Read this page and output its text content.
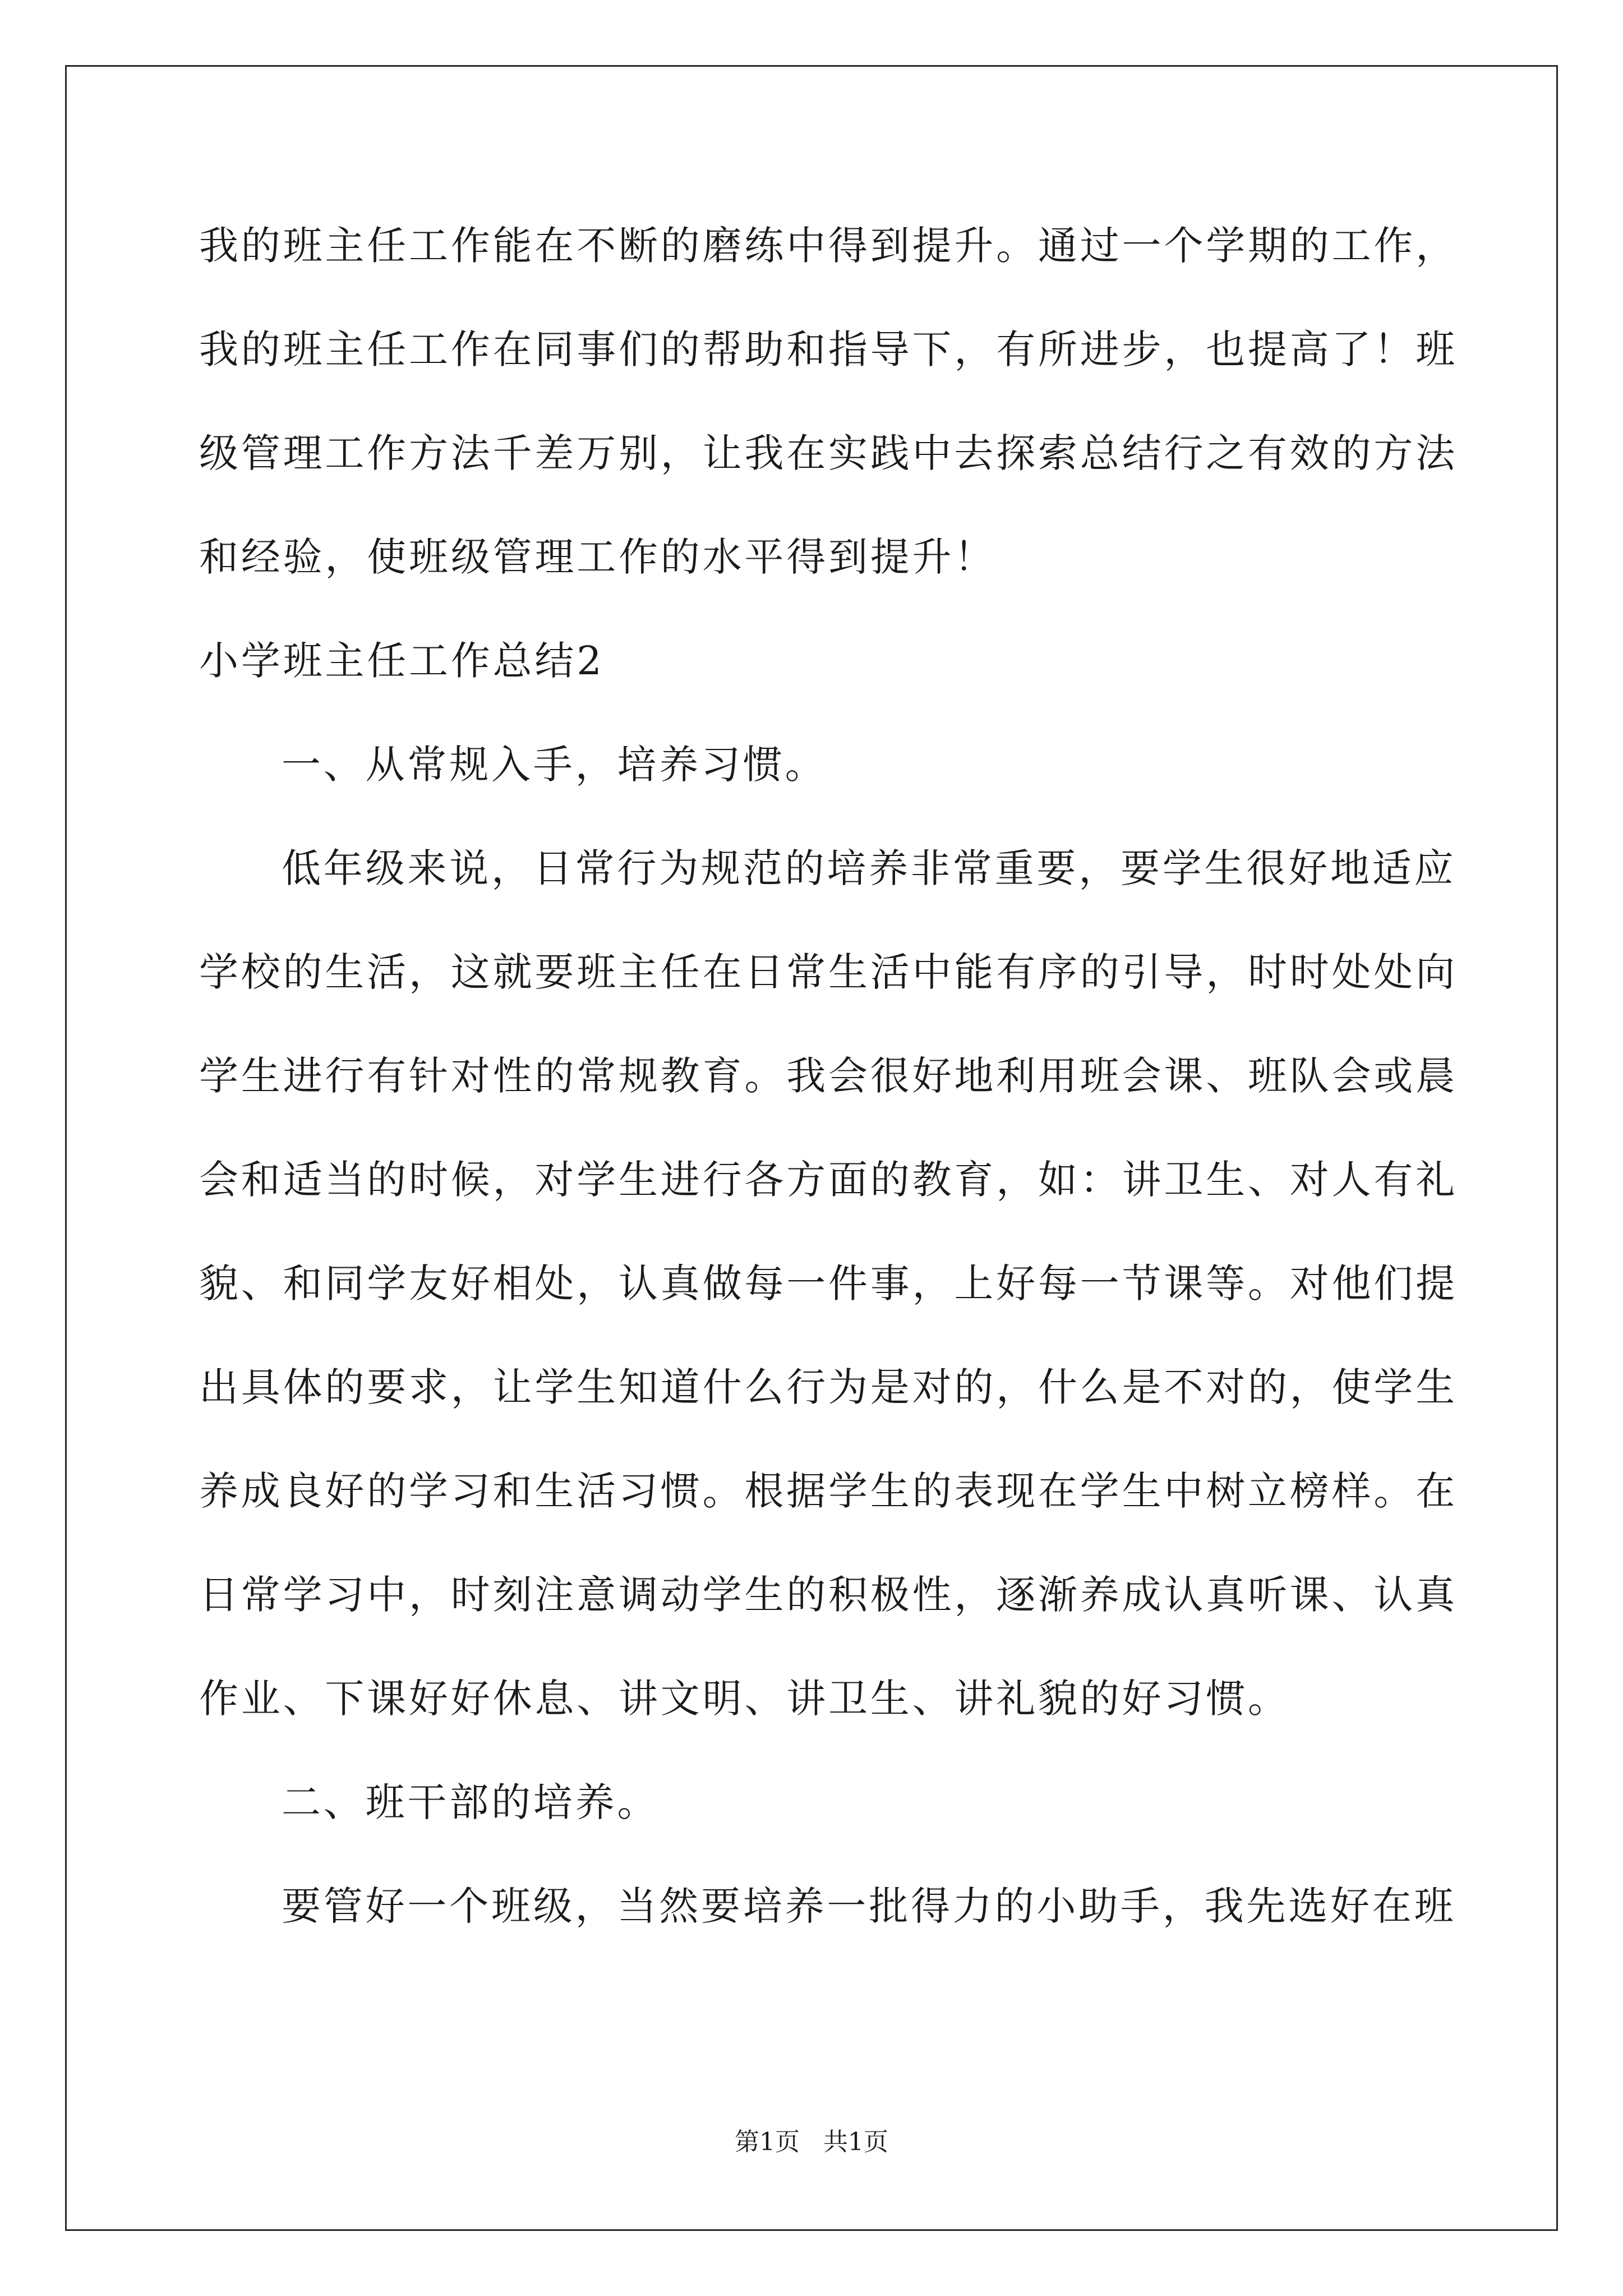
我的班主任工作能在不断的磨练中得到提升。通过一个学期的工作，
我的班主任工作在同事们的帮助和指导下，有所进步，也提高了！班
级管理工作方法千差万别，让我在实践中去探索总结行之有效的方法
和经验，使班级管理工作的水平得到提升！
小学班主任工作总结2
一、从常规入手，培养习惯。
低年级来说，日常行为规范的培养非常重要，要学生很好地适应
学校的生活，这就要班主任在日常生活中能有序的引导，时时处处向
学生进行有针对性的常规教育。我会很好地利用班会课、班队会或晨
会和适当的时候，对学生进行各方面的教育，如：讲卫生、对人有礼
貌、和同学友好相处，认真做每一件事，上好每一节课等。对他们提
出具体的要求，让学生知道什么行为是对的，什么是不对的，使学生
养成良好的学习和生活习惯。根据学生的表现在学生中树立榜样。在
日常学习中，时刻注意调动学生的积极性，逐渐养成认真听课、认真
作业、下课好好休息、讲文明、讲卫生、讲礼貌的好习惯。
二、班干部的培养。
要管好一个班级，当然要培养一批得力的小助手，我先选好在班
第1页   共1页
